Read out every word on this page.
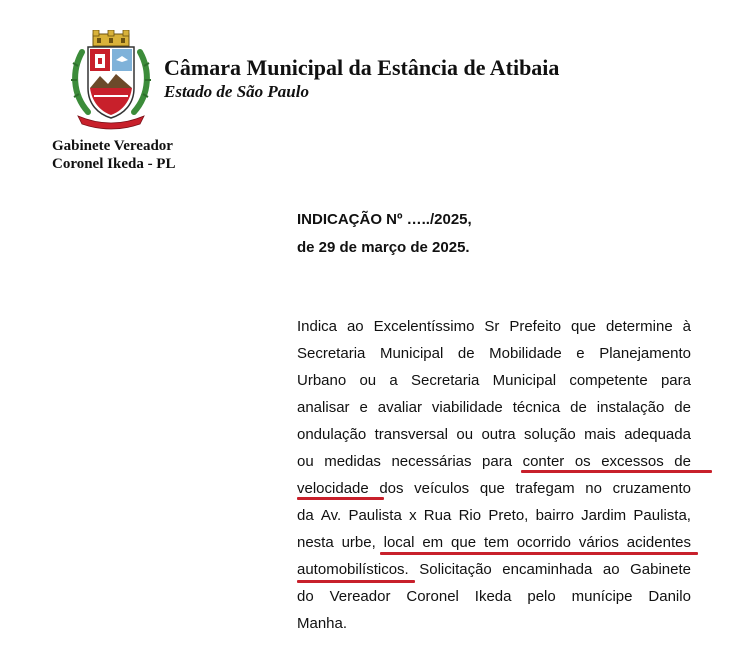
Câmara Municipal da Estância de Atibaia
Estado de São Paulo
Gabinete Vereador
Coronel Ikeda - PL
INDICAÇÃO Nº …../2025,
de 29 de março de 2025.
Indica ao Excelentíssimo Sr Prefeito que determine à
Secretaria Municipal de Mobilidade e Planejamento
Urbano ou a Secretaria Municipal competente para
analisar e avaliar viabilidade técnica de instalação de
ondulação transversal ou outra solução mais adequada
ou medidas necessárias para conter os excessos de
velocidade dos veículos que trafegam no cruzamento
da Av. Paulista x Rua Rio Preto, bairro Jardim Paulista,
nesta urbe, local em que tem ocorrido vários acidentes
automobilísticos. Solicitação encaminhada ao Gabinete
do Vereador Coronel Ikeda pelo munícipe Danilo
Manha.
